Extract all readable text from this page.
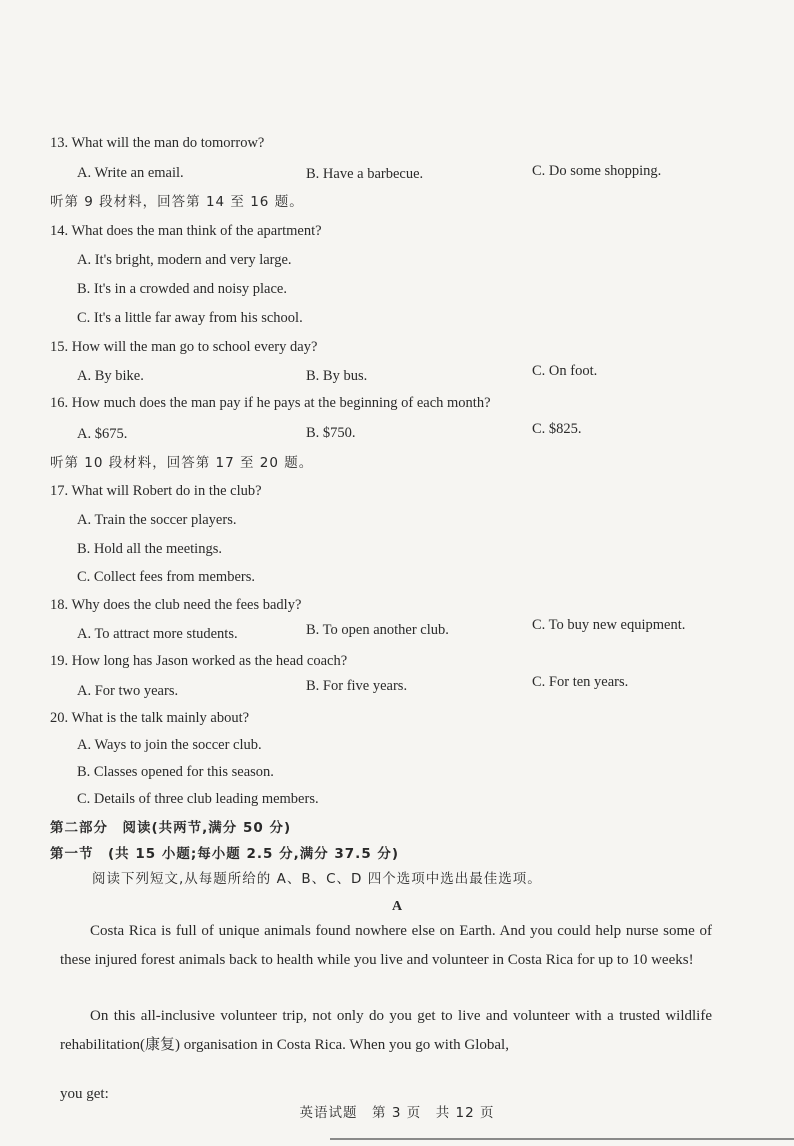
13. What will the man do tomorrow?
A. Write an email.	B. Have a barbecue.	C. Do some shopping.
听第 9 段材料，回答第 14 至 16 题。
14. What does the man think of the apartment?
A. It's bright, modern and very large.
B. It's in a crowded and noisy place.
C. It's a little far away from his school.
15. How will the man go to school every day?
A. By bike.	B. By bus.	C. On foot.
16. How much does the man pay if he pays at the beginning of each month?
A. $675.	B. $750.	C. $825.
听第 10 段材料，回答第 17 至 20 题。
17. What will Robert do in the club?
A. Train the soccer players.
B. Hold all the meetings.
C. Collect fees from members.
18. Why does the club need the fees badly?
A. To attract more students.	B. To open another club.	C. To buy new equipment.
19. How long has Jason worked as the head coach?
A. For two years.	B. For five years.	C. For ten years.
20. What is the talk mainly about?
A. Ways to join the soccer club.
B. Classes opened for this season.
C. Details of three club leading members.
第二部分　阅读(共两节,满分 50 分)
第一节　(共 15 小题;每小题 2.5 分,满分 37.5 分)
阅读下列短文,从每题所给的 A、B、C、D 四个选项中选出最佳选项。
A
Costa Rica is full of unique animals found nowhere else on Earth. And you could help nurse some of these injured forest animals back to health while you live and volunteer in Costa Rica for up to 10 weeks!
On this all-inclusive volunteer trip, not only do you get to live and volunteer with a trusted wildlife rehabilitation(康复) organisation in Costa Rica. When you go with Global,
you get:
英语试题　第 3 页　共 12 页
